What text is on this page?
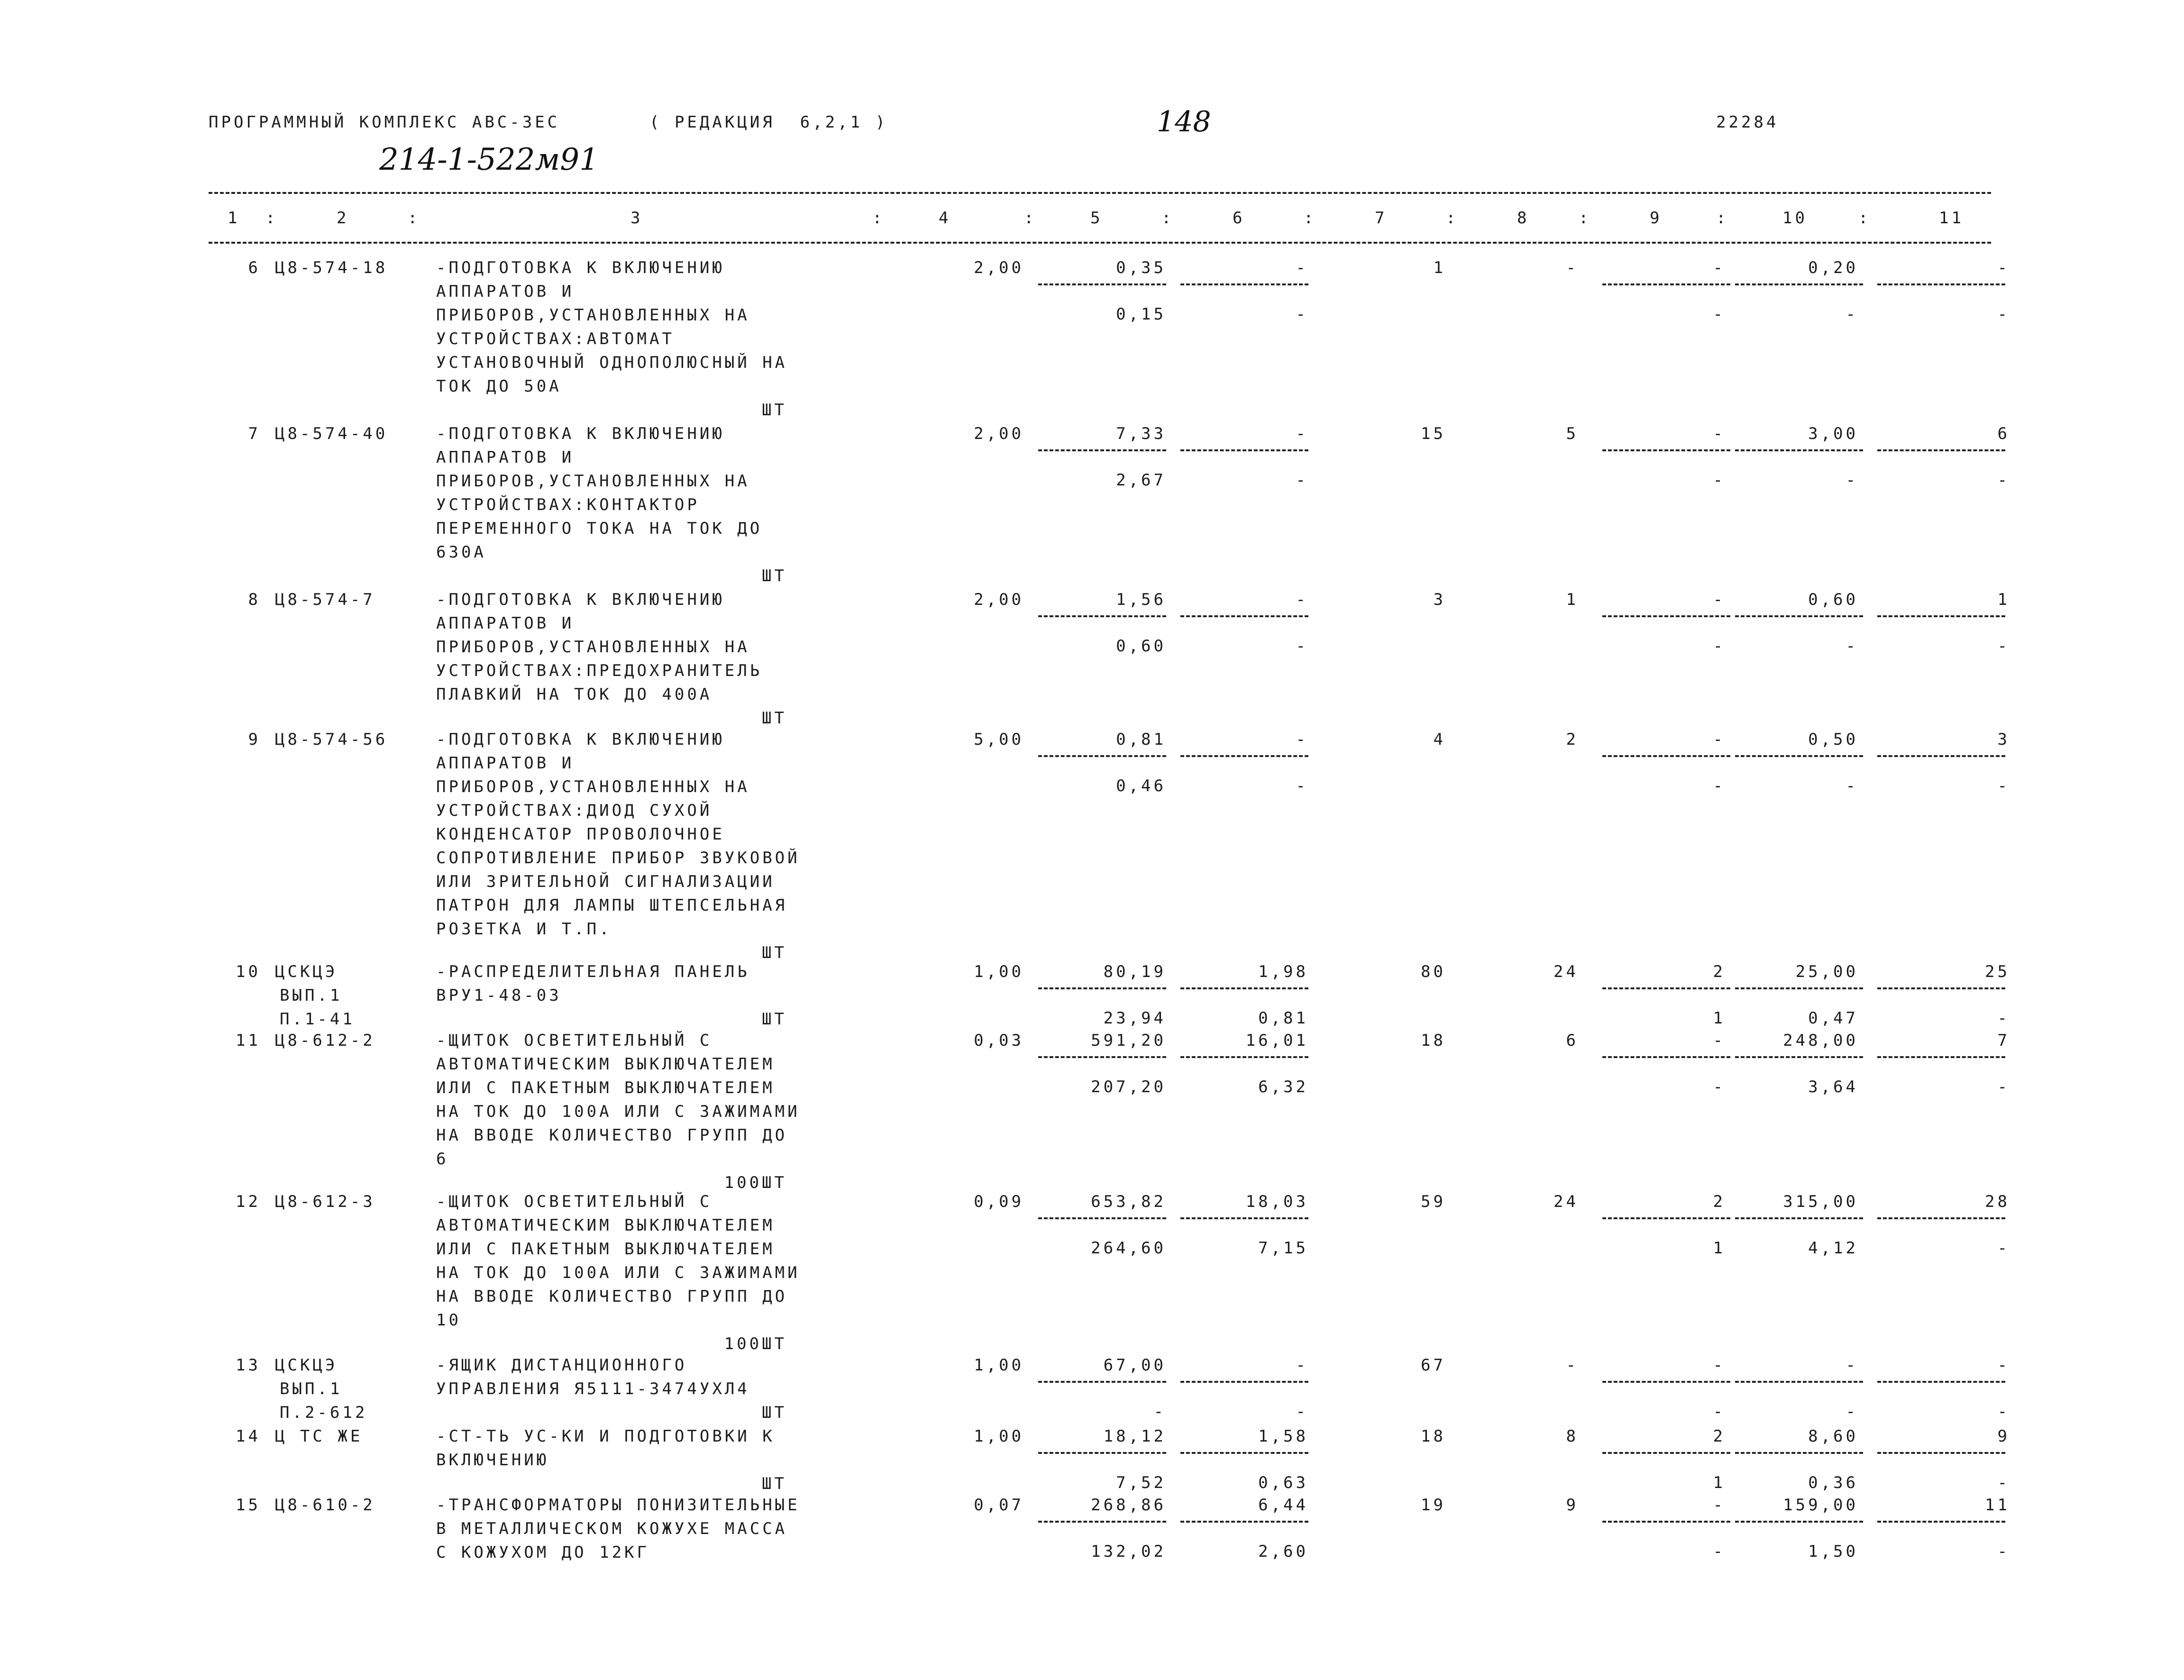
ПРОГРАММНЫЙ КОМПЛЕКС АВС-3ЕС	( РЕДАКЦИЯ  6,2,1 )	148	22284
214-1-522м91
1	2	3	4	5	6	7	8	9	10	11
:	:	:	:	:	:	:	:	:	:
6 Ц8-574-18	-ПОДГОТОВКА К ВКЛЮЧЕНИЮ
АППАРАТОВ И
ПРИБОРОВ,УСТАНОВЛЕННЫХ НА
УСТРОЙСТВАХ:АВТОМАТ
УСТАНОВОЧНЫЙ ОДНОПОЛЮСНЫЙ НА
ТОК ДО 50А
ШТ
2,00	0,35	-	1	-	-	0,20	-
0,15	-	-	-	-
7 Ц8-574-40	-ПОДГОТОВКА К ВКЛЮЧЕНИЮ
АППАРАТОВ И
ПРИБОРОВ,УСТАНОВЛЕННЫХ НА
УСТРОЙСТВАХ:КОНТАКТОР
ПЕРЕМЕННОГО ТОКА НА ТОК ДО
630А
ШТ
2,00	7,33	-	15	5	-	3,00	6
2,67	-	-	-	-
8 Ц8-574-7	-ПОДГОТОВКА К ВКЛЮЧЕНИЮ
АППАРАТОВ И
ПРИБОРОВ,УСТАНОВЛЕННЫХ НА
УСТРОЙСТВАХ:ПРЕДОХРАНИТЕЛЬ
ПЛАВКИЙ НА ТОК ДО 400А
ШТ
2,00	1,56	-	3	1	-	0,60	1
0,60	-	-	-	-
9 Ц8-574-56	-ПОДГОТОВКА К ВКЛЮЧЕНИЮ
АППАРАТОВ И
ПРИБОРОВ,УСТАНОВЛЕННЫХ НА
УСТРОЙСТВАХ:ДИОД СУХОЙ
КОНДЕНСАТОР ПРОВОЛОЧНОЕ
СОПРОТИВЛЕНИЕ ПРИБОР ЗВУКОВОЙ
ИЛИ ЗРИТЕЛЬНОЙ СИГНАЛИЗАЦИИ
ПАТРОН ДЛЯ ЛАМПЫ ШТЕПСЕЛЬНАЯ
РОЗЕТКА И Т.П.
ШТ
5,00	0,81	-	4	2	-	0,50	3
0,46	-	-	-	-
10 ЦСКЦЭ
ВЫП.1
П.1-41
-РАСПРЕДЕЛИТЕЛЬНАЯ ПАНЕЛЬ
ВРУ1-48-03
ШТ
1,00	80,19	1,98	80	24	2	25,00	25
23,94	0,81	1	0,47	-
11 Ц8-612-2	-ЩИТОК ОСВЕТИТЕЛЬНЫЙ С
АВТОМАТИЧЕСКИМ ВЫКЛЮЧАТЕЛЕМ
ИЛИ С ПАКЕТНЫМ ВЫКЛЮЧАТЕЛЕМ
НА ТОК ДО 100А ИЛИ С ЗАЖИМАМИ
НА ВВОДЕ КОЛИЧЕСТВО ГРУПП ДО
6
100ШТ
0,03	591,20	16,01	18	6	-	248,00	7
207,20	6,32	-	3,64	-
12 Ц8-612-3	-ЩИТОК ОСВЕТИТЕЛЬНЫЙ С
АВТОМАТИЧЕСКИМ ВЫКЛЮЧАТЕЛЕМ
ИЛИ С ПАКЕТНЫМ ВЫКЛЮЧАТЕЛЕМ
НА ТОК ДО 100А ИЛИ С ЗАЖИМАМИ
НА ВВОДЕ КОЛИЧЕСТВО ГРУПП ДО
10
100ШТ
0,09	653,82	18,03	59	24	2	315,00	28
264,60	7,15	1	4,12	-
13 ЦСКЦЭ
ВЫП.1
П.2-612
-ЯЩИК ДИСТАНЦИОННОГО
УПРАВЛЕНИЯ Я5111-3474УХЛ4
ШТ
1,00	67,00	-	67	-	-	-	-
-	-	-	-	-
14 Ц ТС ЖЕ	-СТ-ТЬ УС-КИ И ПОДГОТОВКИ К
ВКЛЮЧЕНИЮ
ШТ
1,00	18,12	1,58	18	8	2	8,60	9
7,52	0,63	1	0,36	-
15 Ц8-610-2	-ТРАНСФОРМАТОРЫ ПОНИЗИТЕЛЬНЫЕ
В МЕТАЛЛИЧЕСКОМ КОЖУХЕ МАССА
С КОЖУХОМ ДО 12КГ
0,07	268,86	6,44	19	9	-	159,00	11
132,02	2,60	-	1,50	-
